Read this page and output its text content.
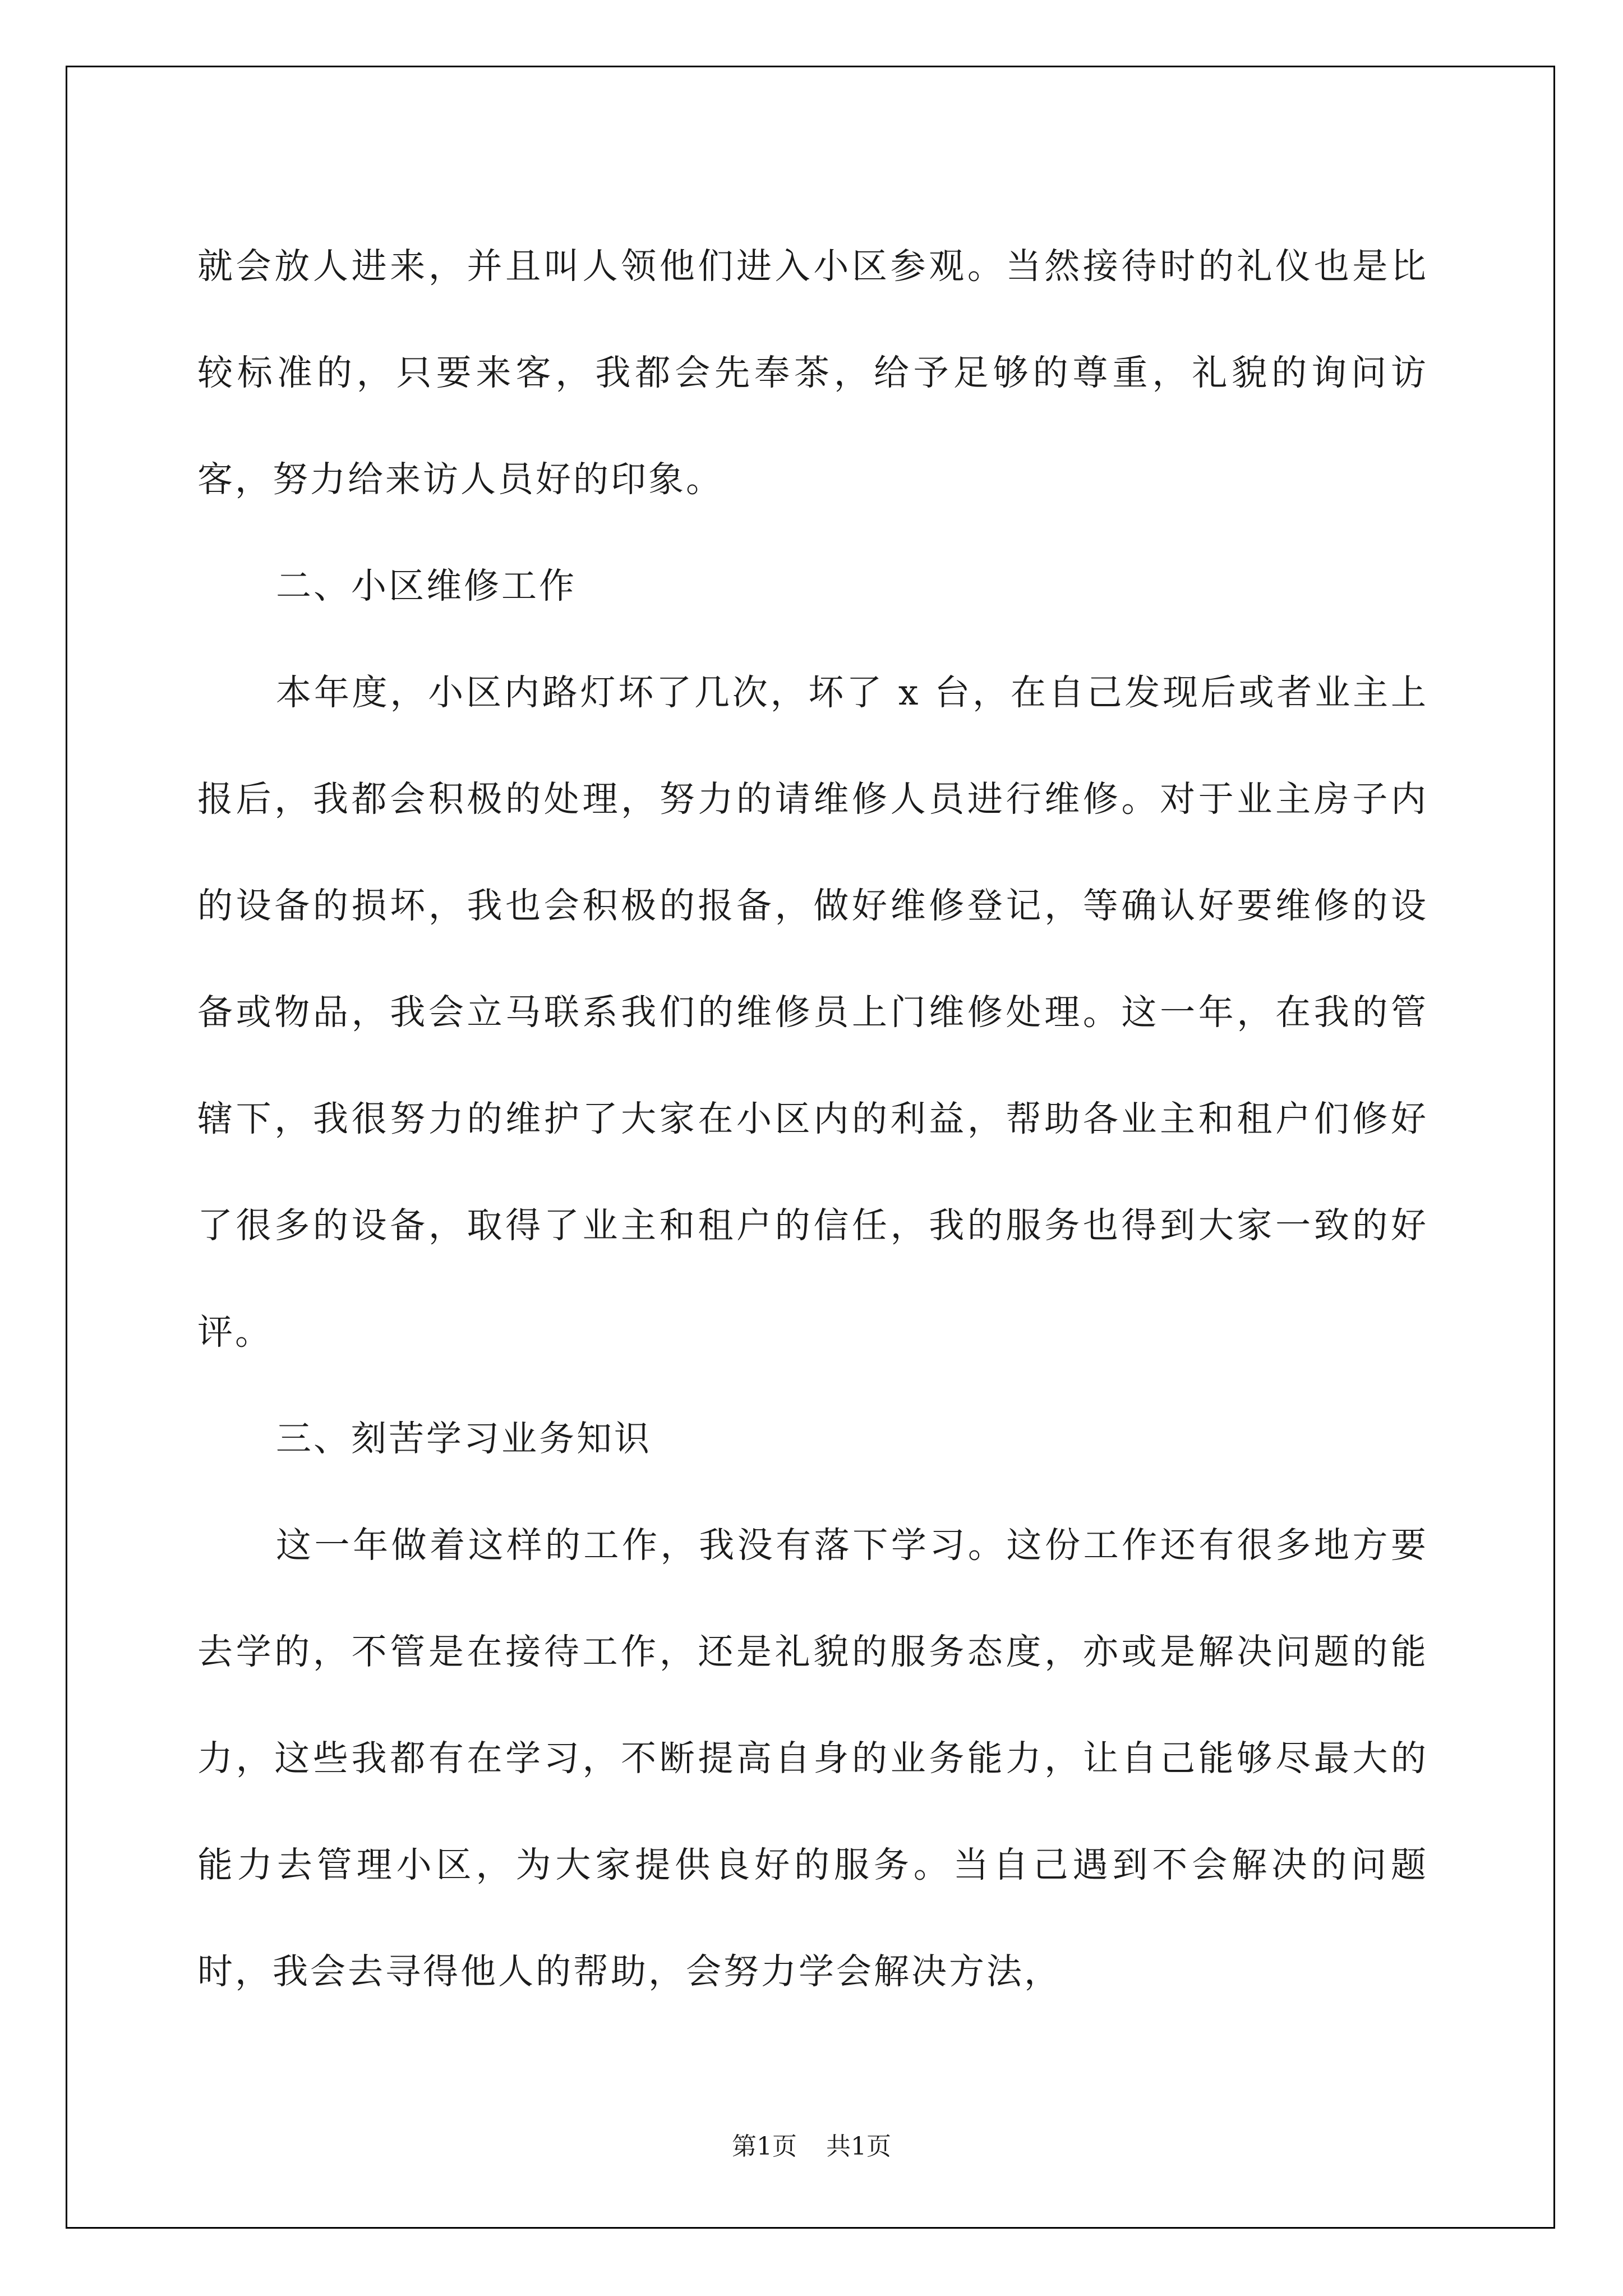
就会放人进来，并且叫人领他们进入小区参观。当然接待时的礼仪也是比较标准的，只要来客，我都会先奉茶，给予足够的尊重，礼貌的询问访客，努力给来访人员好的印象。

二、小区维修工作

本年度，小区内路灯坏了几次，坏了 x 台，在自己发现后或者业主上报后，我都会积极的处理，努力的请维修人员进行维修。对于业主房子内的设备的损坏，我也会积极的报备，做好维修登记，等确认好要维修的设备或物品，我会立马联系我们的维修员上门维修处理。这一年，在我的管辖下，我很努力的维护了大家在小区内的利益，帮助各业主和租户们修好了很多的设备，取得了业主和租户的信任，我的服务也得到大家一致的好评。

三、刻苦学习业务知识

这一年做着这样的工作，我没有落下学习。这份工作还有很多地方要去学的，不管是在接待工作，还是礼貌的服务态度，亦或是解决问题的能力，这些我都有在学习，不断提高自身的业务能力，让自己能够尽最大的能力去管理小区，为大家提供良好的服务。当自己遇到不会解决的问题时，我会去寻得他人的帮助，会努力学会解决方法，

第1页 共1页
